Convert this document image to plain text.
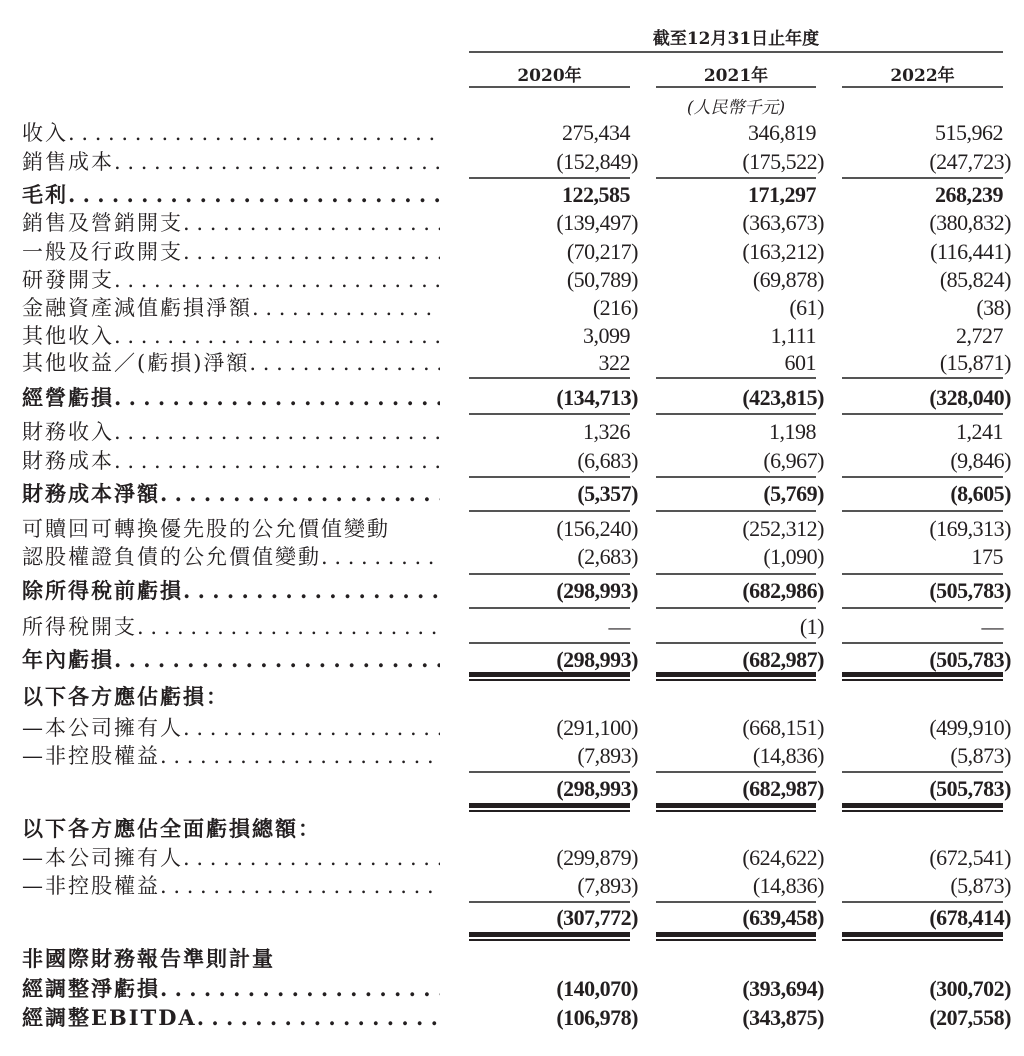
截至12月31日止年度
2020年	2021年	2022年
(人民幣千元)
收入 . . .	275,434	346,819	515,962
銷售成本 . . .	(152,849)	(175,522)	(247,723)
毛利 . . .	122,585	171,297	268,239
銷售及營銷開支 . . .	(139,497)	(363,673)	(380,832)
一般及行政開支 . . .	(70,217)	(163,212)	(116,441)
研發開支 . . .	(50,789)	(69,878)	(85,824)
金融資產減值虧損淨額 . . .	(216)	(61)	(38)
其他收入 . . .	3,099	1,111	2,727
其他收益／(虧損)淨額 . . .	322	601	(15,871)
經營虧損 . . .	(134,713)	(423,815)	(328,040)
財務收入 . . .	1,326	1,198	1,241
財務成本 . . .	(6,683)	(6,967)	(9,846)
財務成本淨額 . . .	(5,357)	(5,769)	(8,605)
可贖回可轉換優先股的公允價值變動	(156,240)	(252,312)	(169,313)
認股權證負債的公允價值變動 . . .	(2,683)	(1,090)	175
除所得稅前虧損 . . .	(298,993)	(682,986)	(505,783)
所得稅開支 . . .	—	(1)	—
年內虧損 . . .	(298,993)	(682,987)	(505,783)
以下各方應佔虧損：
—本公司擁有人 . . .	(291,100)	(668,151)	(499,910)
—非控股權益 . . .	(7,893)	(14,836)	(5,873)
(298,993)	(682,987)	(505,783)
以下各方應佔全面虧損總額：
—本公司擁有人 . . .	(299,879)	(624,622)	(672,541)
—非控股權益 . . .	(7,893)	(14,836)	(5,873)
(307,772)	(639,458)	(678,414)
非國際財務報告準則計量
經調整淨虧損 . . .	(140,070)	(393,694)	(300,702)
經調整EBITDA . . .	(106,978)	(343,875)	(207,558)
